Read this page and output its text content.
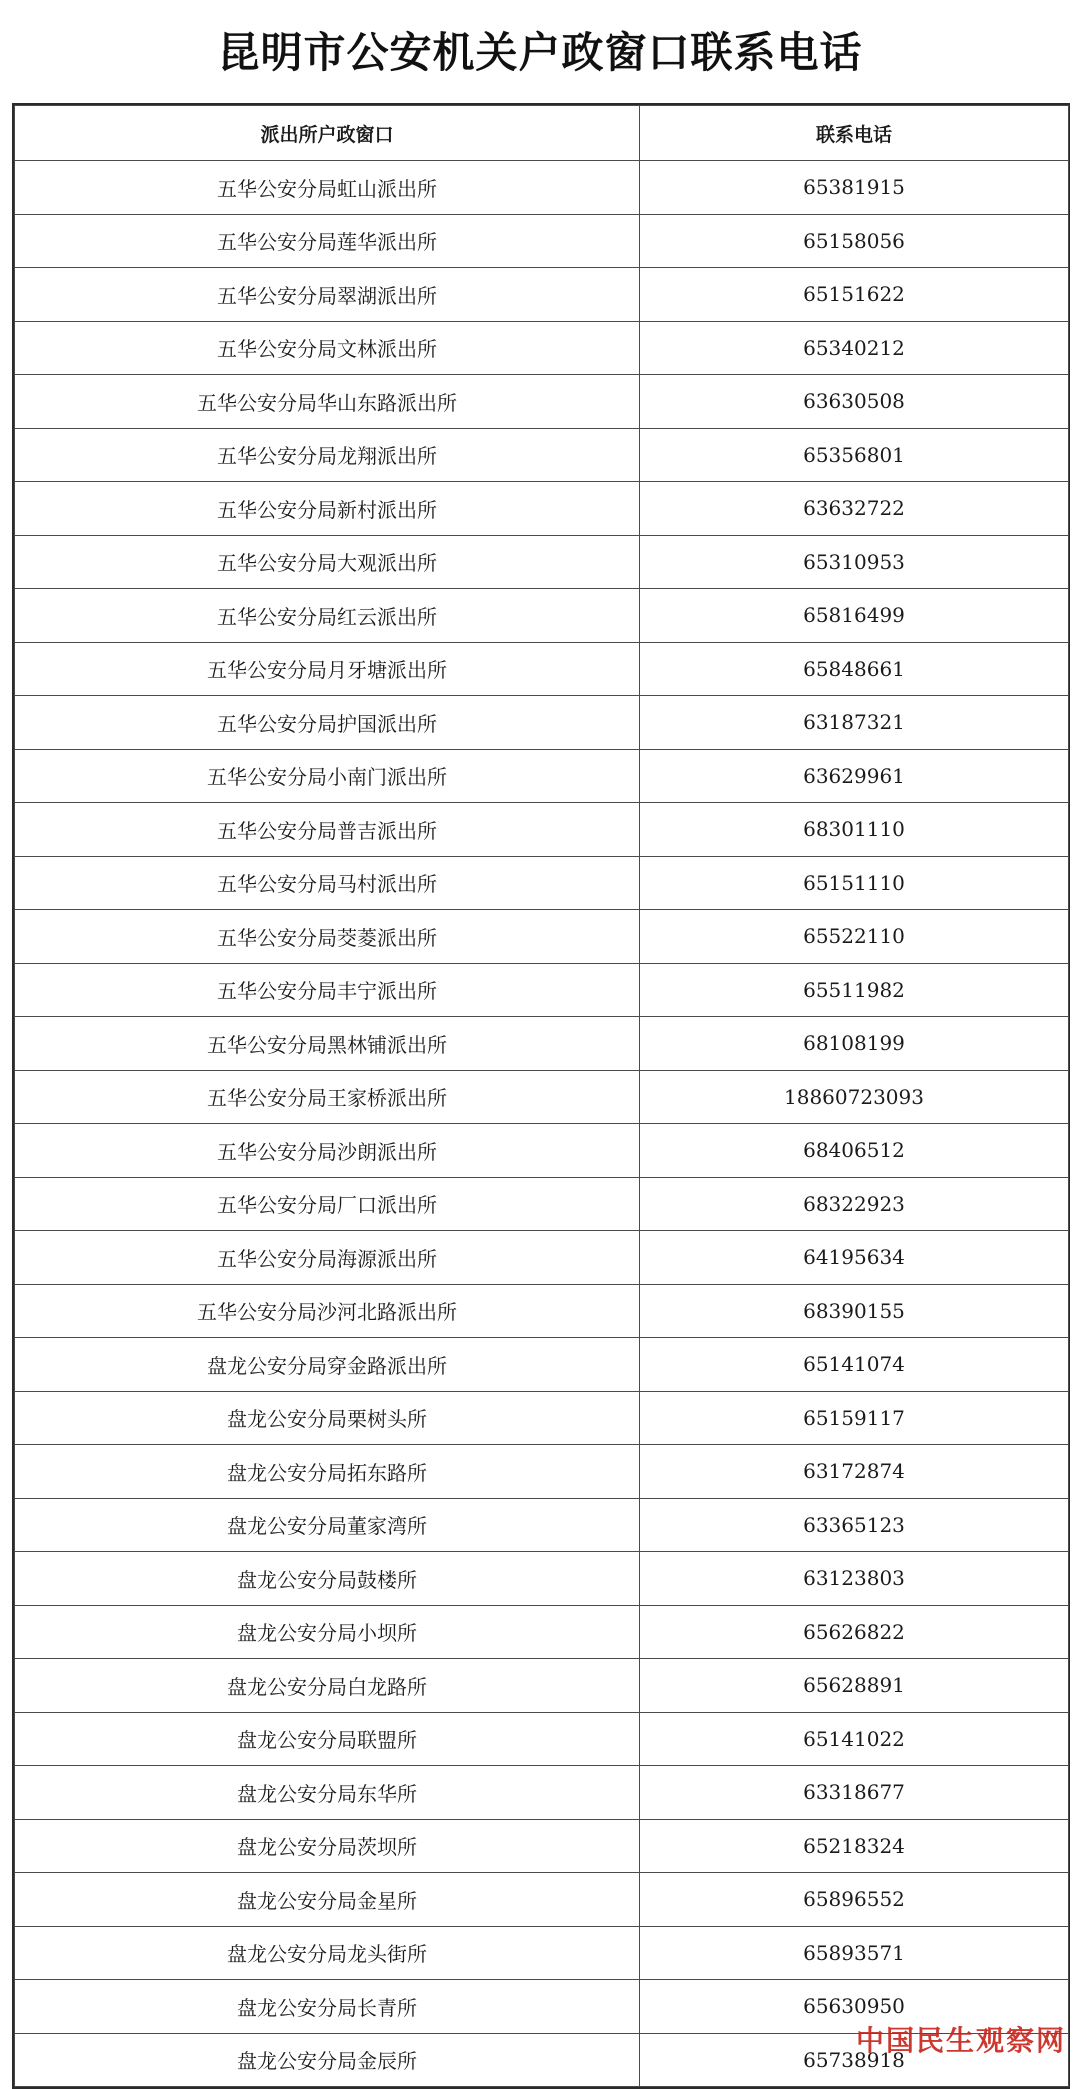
昆明市公安机关户政窗口联系电话
派出所户政窗口	联系电话
五华公安分局虹山派出所	65381915
五华公安分局莲华派出所	65158056
五华公安分局翠湖派出所	65151622
五华公安分局文林派出所	65340212
五华公安分局华山东路派出所	63630508
五华公安分局龙翔派出所	65356801
五华公安分局新村派出所	63632722
五华公安分局大观派出所	65310953
五华公安分局红云派出所	65816499
五华公安分局月牙塘派出所	65848661
五华公安分局护国派出所	63187321
五华公安分局小南门派出所	63629961
五华公安分局普吉派出所	68301110
五华公安分局马村派出所	65151110
五华公安分局茭菱派出所	65522110
五华公安分局丰宁派出所	65511982
五华公安分局黑林铺派出所	68108199
五华公安分局王家桥派出所	18860723093
五华公安分局沙朗派出所	68406512
五华公安分局厂口派出所	68322923
五华公安分局海源派出所	64195634
五华公安分局沙河北路派出所	68390155
盘龙公安分局穿金路派出所	65141074
盘龙公安分局栗树头所	65159117
盘龙公安分局拓东路所	63172874
盘龙公安分局董家湾所	63365123
盘龙公安分局鼓楼所	63123803
盘龙公安分局小坝所	65626822
盘龙公安分局白龙路所	65628891
盘龙公安分局联盟所	65141022
盘龙公安分局东华所	63318677
盘龙公安分局茨坝所	65218324
盘龙公安分局金星所	65896552
盘龙公安分局龙头街所	65893571
盘龙公安分局长青所	65630950
盘龙公安分局金辰所	65738918
中国民生观察网
